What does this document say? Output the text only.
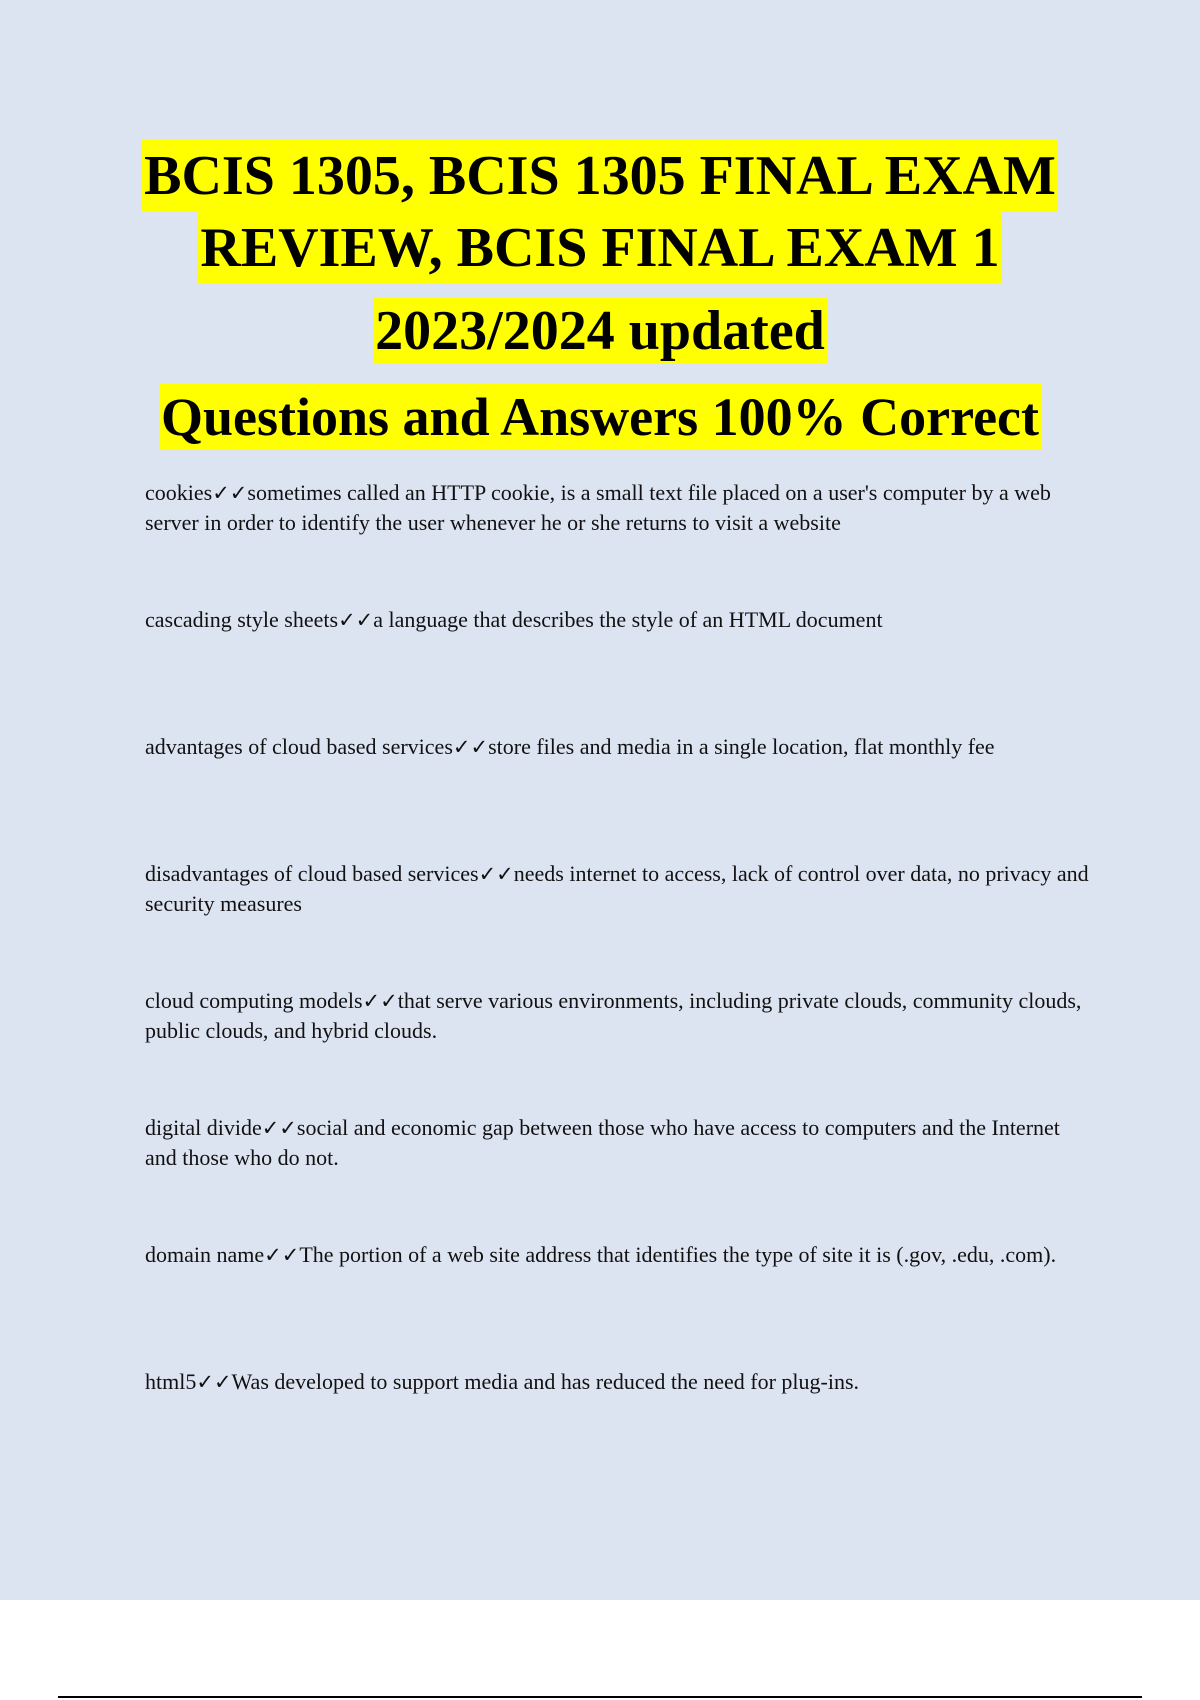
BCIS 1305, BCIS 1305 FINAL EXAM
REVIEW, BCIS FINAL EXAM 1
2023/2024 updated
Questions and Answers 100% Correct
cookies✓✓sometimes called an HTTP cookie, is a small text file placed on a user's computer by a web server in order to identify the user whenever he or she returns to visit a website
cascading style sheets✓✓a language that describes the style of an HTML document
advantages of cloud based services✓✓store files and media in a single location, flat monthly fee
disadvantages of cloud based services✓✓needs internet to access, lack of control over data, no privacy and security measures
cloud computing models✓✓that serve various environments, including private clouds, community clouds, public clouds, and hybrid clouds.
digital divide✓✓social and economic gap between those who have access to computers and the Internet and those who do not.
domain name✓✓The portion of a web site address that identifies the type of site it is (.gov, .edu, .com).
html5✓✓Was developed to support media and has reduced the need for plug-ins.
